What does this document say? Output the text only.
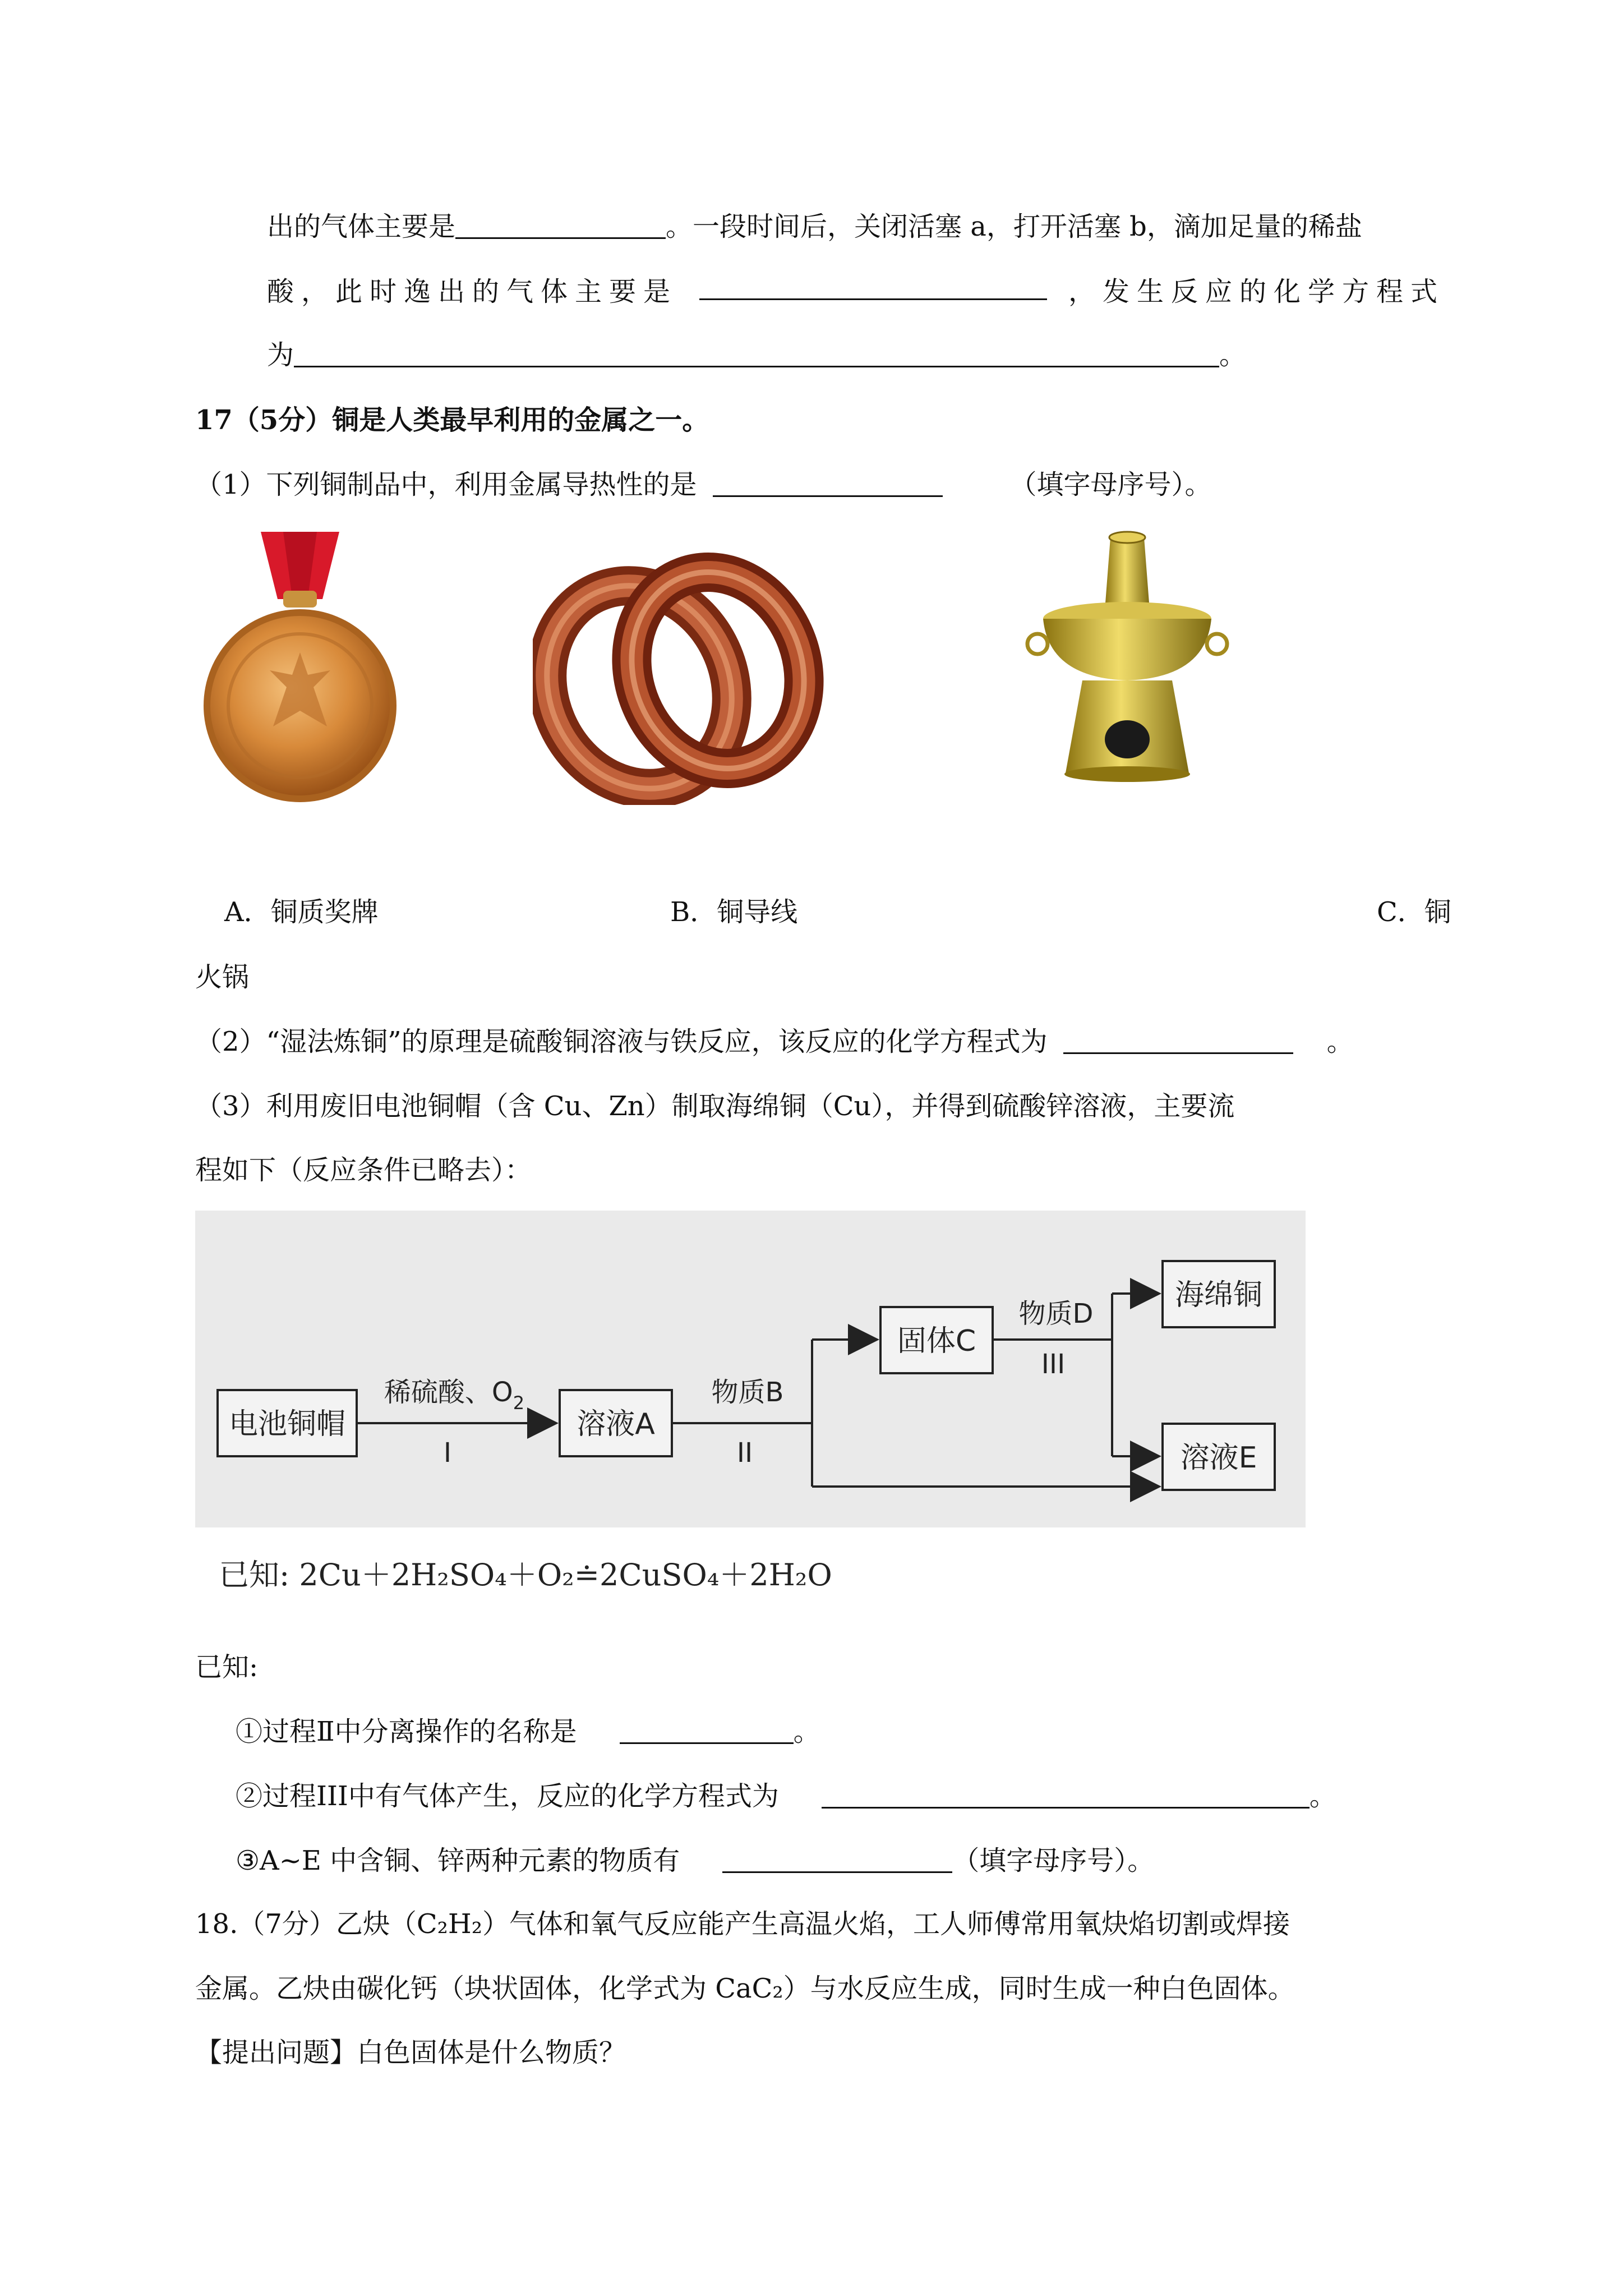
出的气体主要是	。一段时间后，关闭活塞 a，打开活塞 b，滴加足量的稀盐
酸，此时逸出的气体主要是	，发生反应的化学方程式
为	。
17（5分）铜是人类最早利用的金属之一。
（1）下列铜制品中，利用金属导热性的是	（填字母序号）。
A．铜质奖牌	B．铜导线	C．铜
火锅
（2）“湿法炼铜”的原理是硫酸铜溶液与铁反应，该反应的化学方程式为	。
（3）利用废旧电池铜帽（含 Cu、Zn）制取海绵铜（Cu），并得到硫酸锌溶液，主要流
程如下（反应条件已略去）：
电池铜帽	溶液A
固体C
海绵铜
溶液E
稀硫酸、$O_2$
I
物质B
II
物质D
III
已知: 2Cu＋2H₂SO₄＋O₂≐2CuSO₄＋2H₂O
已知:
①过程Ⅱ中分离操作的名称是	。
②过程III中有气体产生，反应的化学方程式为	。
③A~E 中含铜、锌两种元素的物质有	（填字母序号）。
18.（7分）乙炔（C₂H₂）气体和氧气反应能产生高温火焰，工人师傅常用氧炔焰切割或焊接
金属。乙炔由碳化钙（块状固体，化学式为 CaC₂）与水反应生成，同时生成一种白色固体。
【提出问题】白色固体是什么物质？
